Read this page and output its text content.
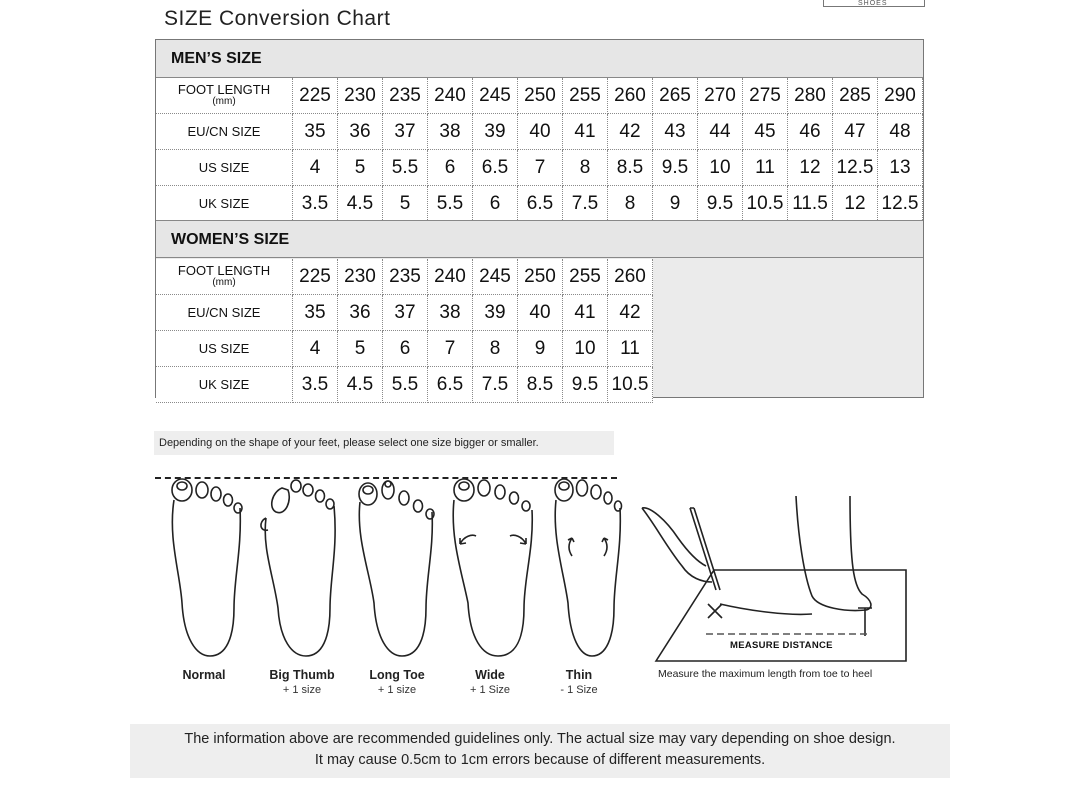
SHOES
SIZE Conversion Chart
MEN’S SIZE
FOOT LENGTH
(mm)	225	230	235	240	245	250	255	260	265	270	275	280	285	290
EU/CN SIZE	35	36	37	38	39	40	41	42	43	44	45	46	47	48
US SIZE	4	5	5.5	6	6.5	7	8	8.5	9.5	10	11	12	12.5	13
UK SIZE	3.5	4.5	5	5.5	6	6.5	7.5	8	9	9.5	10.5	11.5	12	12.5
WOMEN’S SIZE
FOOT LENGTH
(mm)	225	230	235	240	245	250	255	260
EU/CN SIZE	35	36	37	38	39	40	41	42
US SIZE	4	5	6	7	8	9	10	11
UK SIZE	3.5	4.5	5.5	6.5	7.5	8.5	9.5	10.5
Depending on the shape of your feet, please select one size bigger or smaller.
Normal	Big Thumb	Long Toe	Wide	Thin
+ 1 size	+ 1 size	+ 1 Size	- 1 Size
MEASURE DISTANCE
Measure the maximum length from toe to heel
The information above are recommended guidelines only. The actual size may vary depending on shoe design.
It may cause 0.5cm to 1cm errors because of different measurements.
